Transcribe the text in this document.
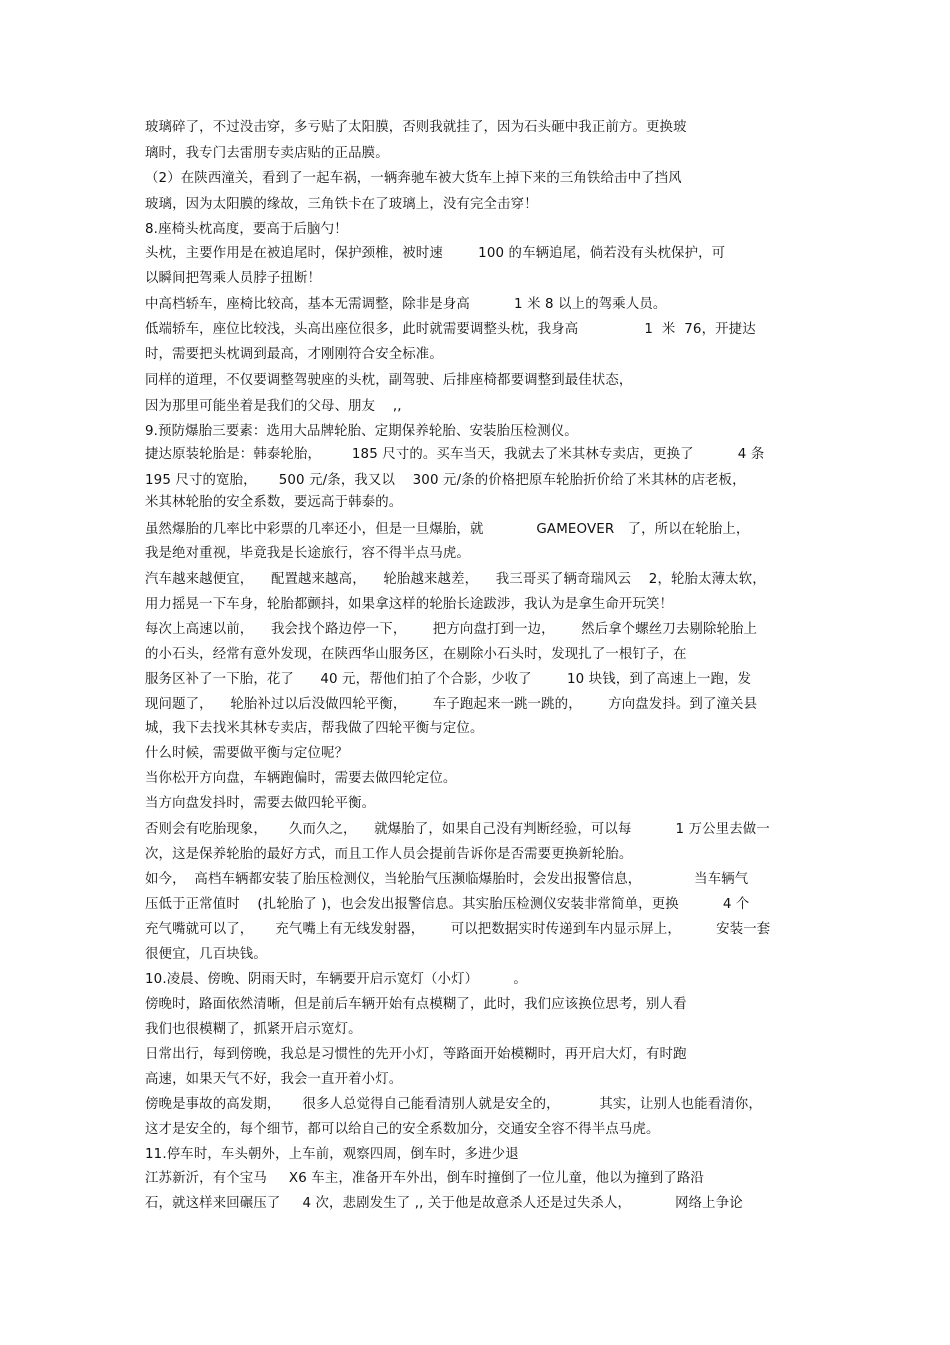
玻璃碎了，不过没击穿，多亏贴了太阳膜，否则我就挂了，因为石头砸中我正前方。更换玻
璃时，我专门去雷朋专卖店贴的正品膜。
（2）在陕西潼关，看到了一起车祸，一辆奔驰车被大货车上掉下来的三角铁给击中了挡风
玻璃，因为太阳膜的缘故，三角铁卡在了玻璃上，没有完全击穿！
8.座椅头枕高度，要高于后脑勺！
头枕，主要作用是在被追尾时，保护颈椎，被时速        100 的车辆追尾，倘若没有头枕保护，可
以瞬间把驾乘人员脖子扭断！
中高档轿车，座椅比较高，基本无需调整，除非是身高          1 米 8 以上的驾乘人员。
低端轿车，座位比较浅，头高出座位很多，此时就需要调整头枕，我身高               1  米  76，开捷达
时，需要把头枕调到最高，才刚刚符合安全标准。
同样的道理，不仅要调整驾驶座的头枕，副驾驶、后排座椅都要调整到最佳状态，
因为那里可能坐着是我们的父母、朋友    ,,
9.预防爆胎三要素：选用大品牌轮胎、定期保养轮胎、安装胎压检测仪。
捷达原装轮胎是：韩泰轮胎，       185 尺寸的。买车当天，我就去了米其林专卖店，更换了          4 条
195 尺寸的宽胎，     500 元/条，我又以    300 元/条的价格把原车轮胎折价给了米其林的店老板，
米其林轮胎的安全系数，要远高于韩泰的。
虽然爆胎的几率比中彩票的几率还小，但是一旦爆胎，就            GAMEOVER   了，所以在轮胎上，
我是绝对重视，毕竟我是长途旅行，容不得半点马虎。
汽车越来越便宜，    配置越来越高，    轮胎越来越差，    我三哥买了辆奇瑞风云    2，轮胎太薄太软，
用力摇晃一下车身，轮胎都颤抖，如果拿这样的轮胎长途跋涉，我认为是拿生命开玩笑！
每次上高速以前，    我会找个路边停一下，      把方向盘打到一边，      然后拿个螺丝刀去剔除轮胎上
的小石头，经常有意外发现，在陕西华山服务区，在剔除小石头时，发现扎了一根钉子，在
服务区补了一下胎，花了      40 元，帮他们拍了个合影，少收了        10 块钱，到了高速上一跑，发
现问题了，    轮胎补过以后没做四轮平衡，      车子跑起来一跳一跳的，      方向盘发抖。到了潼关县
城，我下去找米其林专卖店，帮我做了四轮平衡与定位。
什么时候，需要做平衡与定位呢？
当你松开方向盘，车辆跑偏时，需要去做四轮定位。
当方向盘发抖时，需要去做四轮平衡。
否则会有吃胎现象，     久而久之，    就爆胎了，如果自己没有判断经验，可以每          1 万公里去做一
次，这是保养轮胎的最好方式，而且工作人员会提前告诉你是否需要更换新轮胎。
如今，  高档车辆都安装了胎压检测仪，当轮胎气压濒临爆胎时，会发出报警信息，            当车辆气
压低于正常值时    (扎轮胎了 )，也会发出报警信息。其实胎压检测仪安装非常简单，更换          4 个
充气嘴就可以了，     充气嘴上有无线发射器，      可以把数据实时传递到车内显示屏上，        安装一套
很便宜，几百块钱。
10.凌晨、傍晚、阴雨天时，车辆要开启示宽灯（小灯）        。
傍晚时，路面依然清晰，但是前后车辆开始有点模糊了，此时，我们应该换位思考，别人看
我们也很模糊了，抓紧开启示宽灯。
日常出行，每到傍晚，我总是习惯性的先开小灯，等路面开始模糊时，再开启大灯，有时跑
高速，如果天气不好，我会一直开着小灯。
傍晚是事故的高发期，     很多人总觉得自己能看清别人就是安全的，         其实，让别人也能看清你，
这才是安全的，每个细节，都可以给自己的安全系数加分，交通安全容不得半点马虎。
11.停车时，车头朝外，上车前，观察四周，倒车时，多进少退
江苏新沂，有个宝马     X6 车主，准备开车外出，倒车时撞倒了一位儿童，他以为撞到了路沿
石，就这样来回碾压了     4 次，悲剧发生了 ,, 关于他是故意杀人还是过失杀人，          网络上争论
